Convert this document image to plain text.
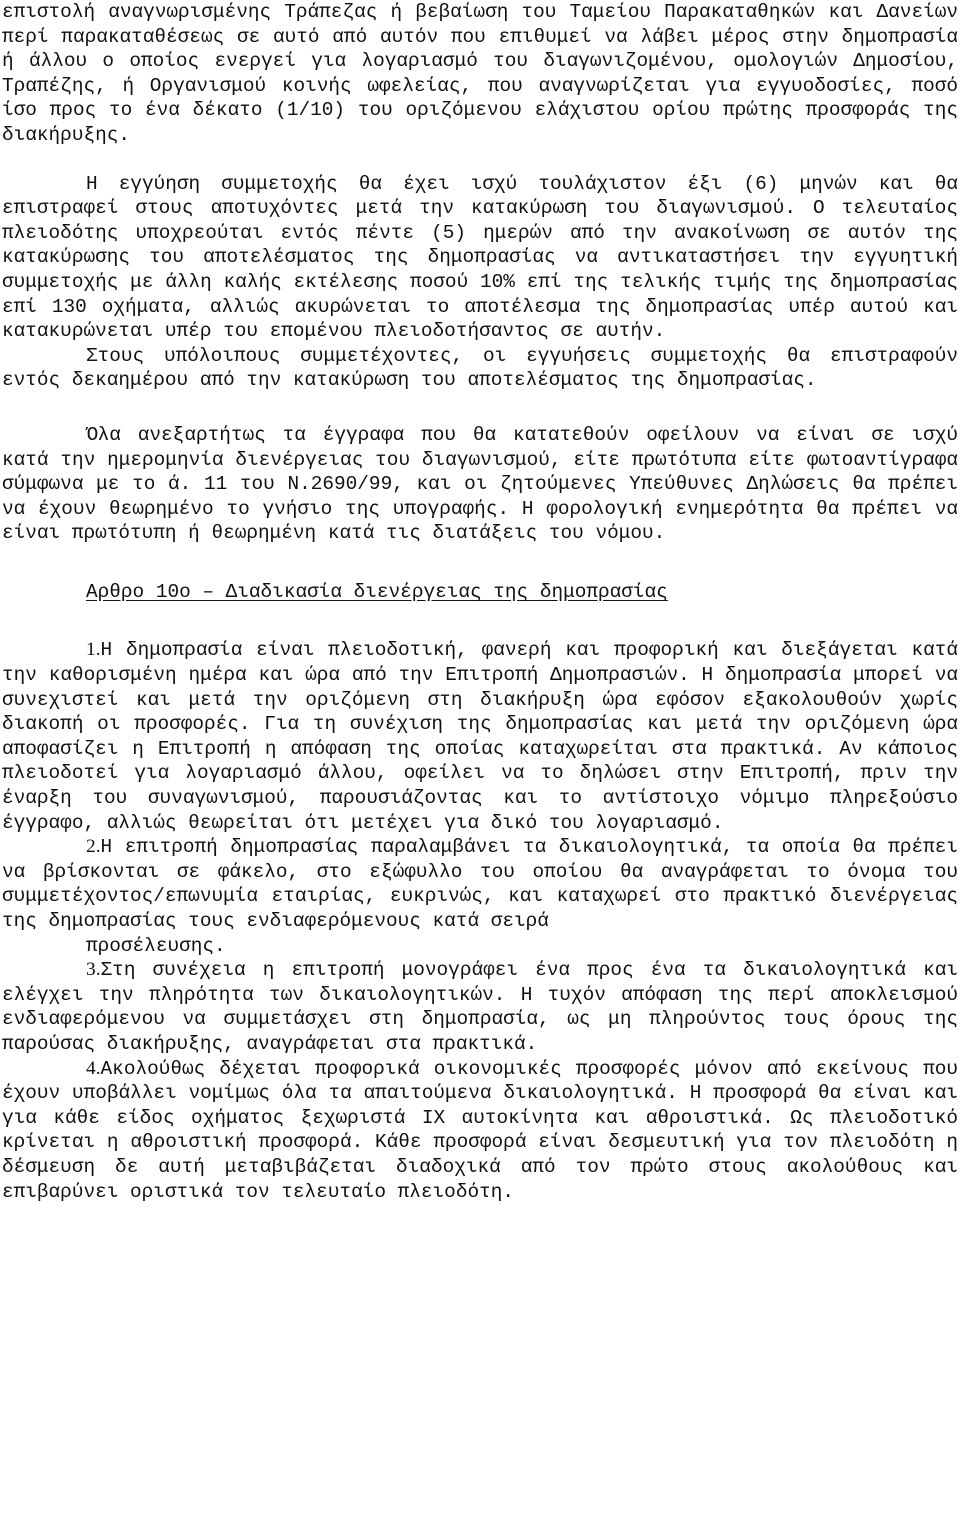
επιστολή αναγνωρισμένης Τράπεζας ή βεβαίωση του Ταμείου Παρακαταθηκών και Δανείων περί παρακαταθέσεως σε αυτό από αυτόν που επιθυμεί να λάβει μέρος στην δημοπρασία ή άλλου ο οποίος ενεργεί για λογαριασμό του διαγωνιζομένου, ομολογιών Δημοσίου, Τραπέζης, ή Οργανισμού κοινής ωφελείας, που αναγνωρίζεται για εγγυοδοσίες, ποσό ίσο προς το ένα δέκατο (1/10) του οριζόμενου ελάχιστου ορίου πρώτης προσφοράς της διακήρυξης.

Η εγγύηση συμμετοχής θα έχει ισχύ τουλάχιστον έξι (6) μηνών και θα επιστραφεί στους αποτυχόντες μετά την κατακύρωση του διαγωνισμού. Ο τελευταίος πλειοδότης υποχρεούται εντός πέντε (5) ημερών από την ανακοίνωση σε αυτόν της κατακύρωσης του αποτελέσματος της δημοπρασίας να αντικαταστήσει την εγγυητική συμμετοχής με άλλη καλής εκτέλεσης ποσού 10% επί της τελικής τιμής της δημοπρασίας επί 130 οχήματα, αλλιώς ακυρώνεται το αποτέλεσμα της δημοπρασίας υπέρ αυτού και κατακυρώνεται υπέρ του επομένου πλειοδοτήσαντος σε αυτήν.

Στους υπόλοιπους συμμετέχοντες, οι εγγυήσεις συμμετοχής θα επιστραφούν εντός δεκαημέρου από την κατακύρωση του αποτελέσματος της δημοπρασίας.

Όλα ανεξαρτήτως τα έγγραφα που θα κατατεθούν οφείλουν να είναι σε ισχύ κατά την ημερομηνία διενέργειας του διαγωνισμού, είτε πρωτότυπα είτε φωτοαντίγραφα σύμφωνα με το ά. 11 του Ν.2690/99, και οι ζητούμενες Υπεύθυνες Δηλώσεις θα πρέπει να έχουν θεωρημένο το γνήσιο της υπογραφής. Η φορολογική ενημερότητα θα πρέπει να είναι πρωτότυπη ή θεωρημένη κατά τις διατάξεις του νόμου.

Αρθρο 10ο – Διαδικασία διενέργειας της δημοπρασίας

1.Η δημοπρασία είναι πλειοδοτική, φανερή και προφορική και διεξάγεται κατά την καθορισμένη ημέρα και ώρα από την Επιτροπή Δημοπρασιών. Η δημοπρασία μπορεί να συνεχιστεί και μετά την οριζόμενη στη διακήρυξη ώρα εφόσον εξακολουθούν χωρίς διακοπή οι προσφορές. Για τη συνέχιση της δημοπρασίας και μετά την οριζόμενη ώρα αποφασίζει η Επιτροπή η απόφαση της οποίας καταχωρείται στα πρακτικά. Αν κάποιος πλειοδοτεί για λογαριασμό άλλου, οφείλει να το δηλώσει στην Επιτροπή, πριν την έναρξη του συναγωνισμού, παρουσιάζοντας και το αντίστοιχο νόμιμο πληρεξούσιο έγγραφο, αλλιώς θεωρείται ότι μετέχει για δικό του λογαριασμό.

2.Η επιτροπή δημοπρασίας παραλαμβάνει τα δικαιολογητικά, τα οποία θα πρέπει να βρίσκονται σε φάκελο, στο εξώφυλλο του οποίου θα αναγράφεται το όνομα του συμμετέχοντος/επωνυμία εταιρίας, ευκρινώς, και καταχωρεί στο πρακτικό διενέργειας της δημοπρασίας τους ενδιαφερόμενους κατά σειρά

προσέλευσης.

3.Στη συνέχεια η επιτροπή μονογράφει ένα προς ένα τα δικαιολογητικά και ελέγχει την πληρότητα των δικαιολογητικών. Η τυχόν απόφαση της περί αποκλεισμού ενδιαφερόμενου να συμμετάσχει στη δημοπρασία, ως μη πληρούντος τους όρους της παρούσας διακήρυξης, αναγράφεται στα πρακτικά.

4.Ακολούθως δέχεται προφορικά οικονομικές προσφορές μόνον από εκείνους που έχουν υποβάλλει νομίμως όλα τα απαιτούμενα δικαιολογητικά. Η προσφορά θα είναι και για κάθε είδος οχήματος ξεχωριστά ΙΧ αυτοκίνητα και αθροιστικά. Ως πλειοδοτικό κρίνεται η αθροιστική προσφορά. Κάθε προσφορά είναι δεσμευτική για τον πλειοδότη η δέσμευση δε αυτή μεταβιβάζεται διαδοχικά από τον πρώτο στους ακολούθους και επιβαρύνει οριστικά τον τελευταίο πλειοδότη.
